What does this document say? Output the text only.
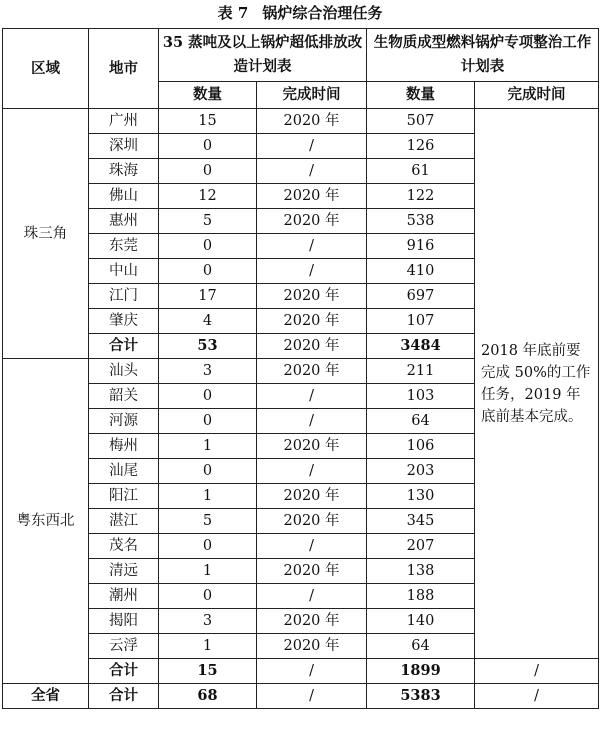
表 7 锅炉综合治理任务
区域	地市	35 蒸吨及以上锅炉超低排放改造计划表		生物质成型燃料锅炉专项整治工作计划表	
		数量	完成时间	数量	完成时间
珠三角	广州	15	2020 年	507	2018 年底前要完成 50%的工作任务，2019 年底前基本完成。
	深圳	0	/	126	
	珠海	0	/	61	
	佛山	12	2020 年	122	
	惠州	5	2020 年	538	
	东莞	0	/	916	
	中山	0	/	410	
	江门	17	2020 年	697	
	肇庆	4	2020 年	107	
	合计	53	2020 年	3484	
粤东西北	汕头	3	2020 年	211	
	韶关	0	/	103	
	河源	0	/	64	
	梅州	1	2020 年	106	
	汕尾	0	/	203	
	阳江	1	2020 年	130	
	湛江	5	2020 年	345	
	茂名	0	/	207	
	清远	1	2020 年	138	
	潮州	0	/	188	
	揭阳	3	2020 年	140	
	云浮	1	2020 年	64	
	合计	15	/	1899	/
全省	合计	68	/	5383	/
